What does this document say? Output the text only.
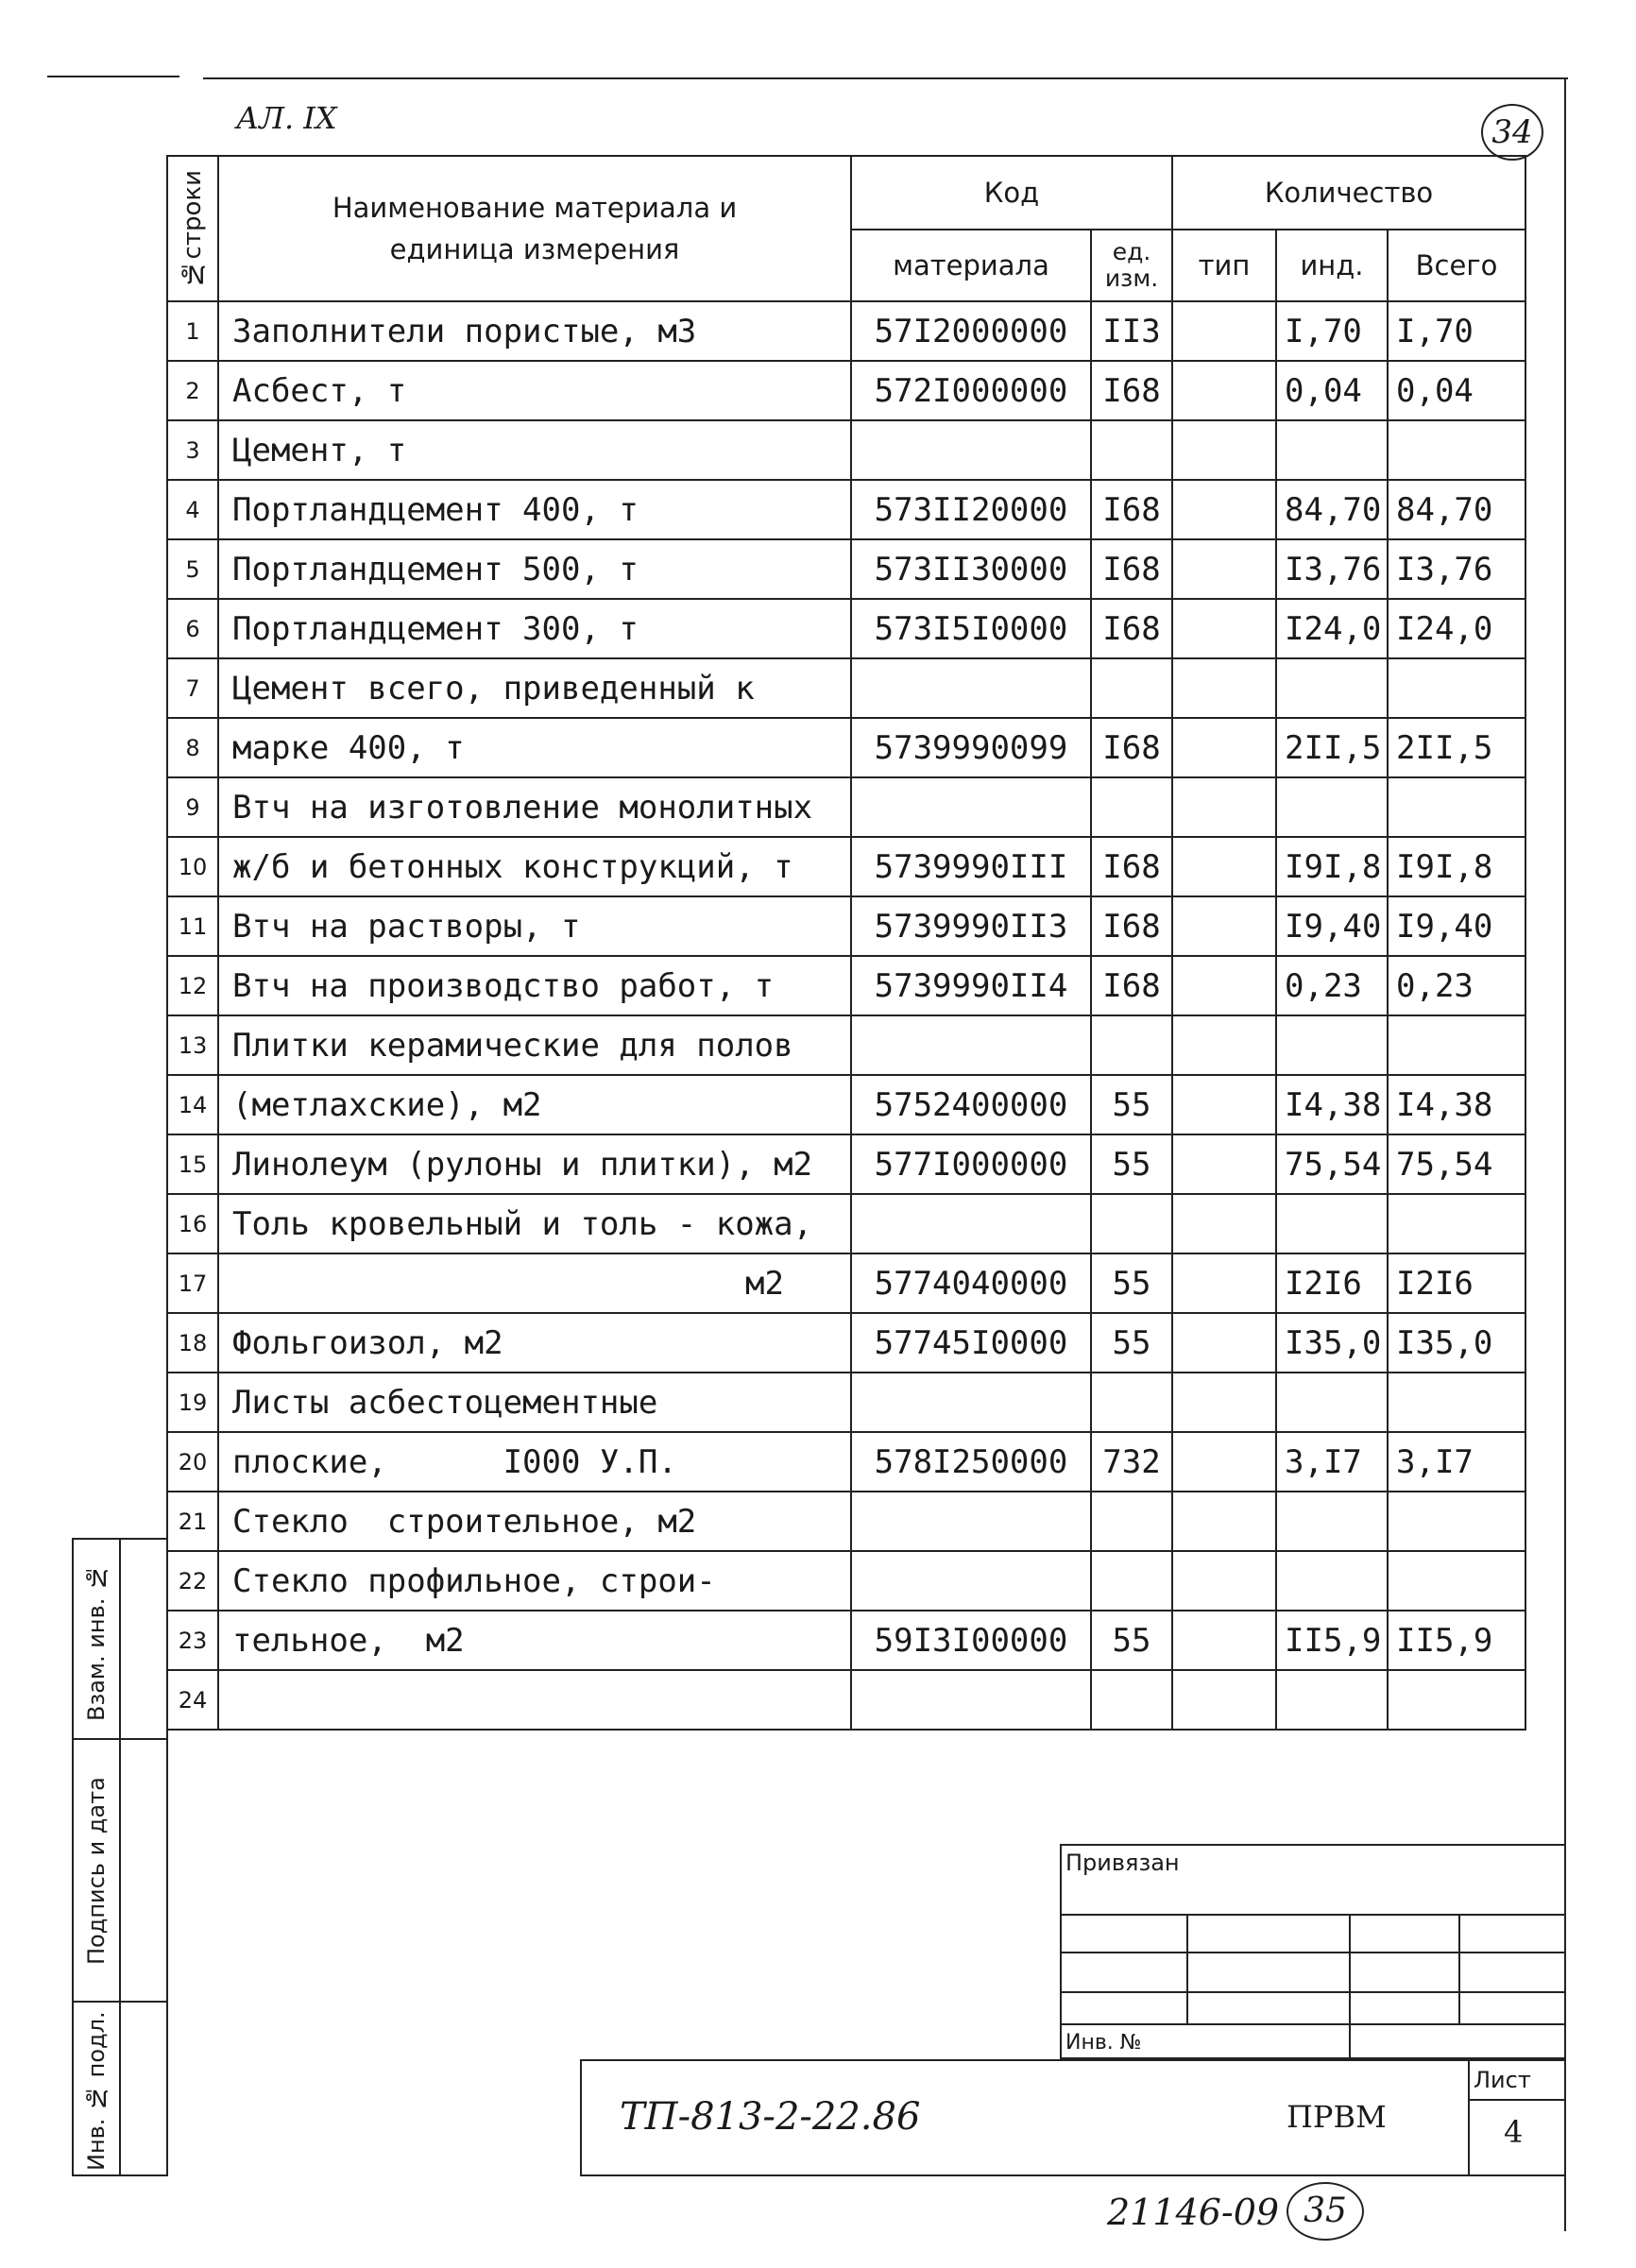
АЛ. IX	34
№строки	Наименование материала и единица измерения	Код		Количество		
		материала	ед. изм.	тип	инд.	Всего
1	Заполнители пористые, м3	57I2000000	II3		I,70	I,70
2	Асбест, т	572I000000	I68		0,04	0,04
3	Цемент, т					
4	Портландцемент 400, т	573II20000	I68		84,70	84,70
5	Портландцемент 500, т	573II30000	I68		I3,76	I3,76
6	Портландцемент 300, т	573I5I0000	I68		I24,0	I24,0
7	Цемент всего, приведенный к					
8	марке 400, т	5739990099	I68		2II,5	2II,5
9	Втч на изготовление монолитных					
10	ж/б и бетонных конструкций, т	5739990III	I68		I9I,8	I9I,8
11	Втч на растворы, т	5739990II3	I68		I9,40	I9,40
12	Втч на производство работ, т	5739990II4	I68		0,23	0,23
13	Плитки керамические для полов					
14	(метлахские), м2	5752400000	55		I4,38	I4,38
15	Линолеум (рулоны и плитки), м2	577I000000	55		75,54	75,54
16	Толь кровельный и толь - кожа,					
17	м2	5774040000	55		I2I6	I2I6
18	Фольгоизол, м2	57745I0000	55		I35,0	I35,0
19	Листы асбестоцементные					
20	плоские,      I000 У.П.	578I250000	732		3,I7	3,I7
21	Стекло  строительное, м2					
22	Стекло профильное, строи-					
23	тельное,  м2	59I3I00000	55		II5,9	II5,9
24						
Взам. инв. №
Подпись и дата
Инв. № подл.
Привязан
Инв. №
ТП-813-2-22.86	ПРВМ
Лист
4
21146-09 35
